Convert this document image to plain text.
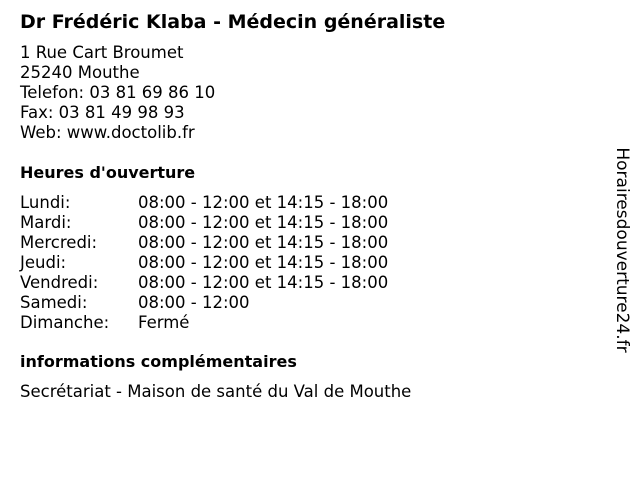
Dr Frédéric Klaba - Médecin généraliste
1 Rue Cart Broumet
25240 Mouthe
Telefon: 03 81 69 86 10
Fax: 03 81 49 98 93
Web: www.doctolib.fr
Heures d'ouverture
Lundi:	08:00 - 12:00 et 14:15 - 18:00
Mardi:	08:00 - 12:00 et 14:15 - 18:00
Mercredi:	08:00 - 12:00 et 14:15 - 18:00
Jeudi:	08:00 - 12:00 et 14:15 - 18:00
Vendredi:	08:00 - 12:00 et 14:15 - 18:00
Samedi:	08:00 - 12:00
Dimanche:	Fermé
informations complémentaires
Secrétariat - Maison de santé du Val de Mouthe
Horairesdouverture24.fr
